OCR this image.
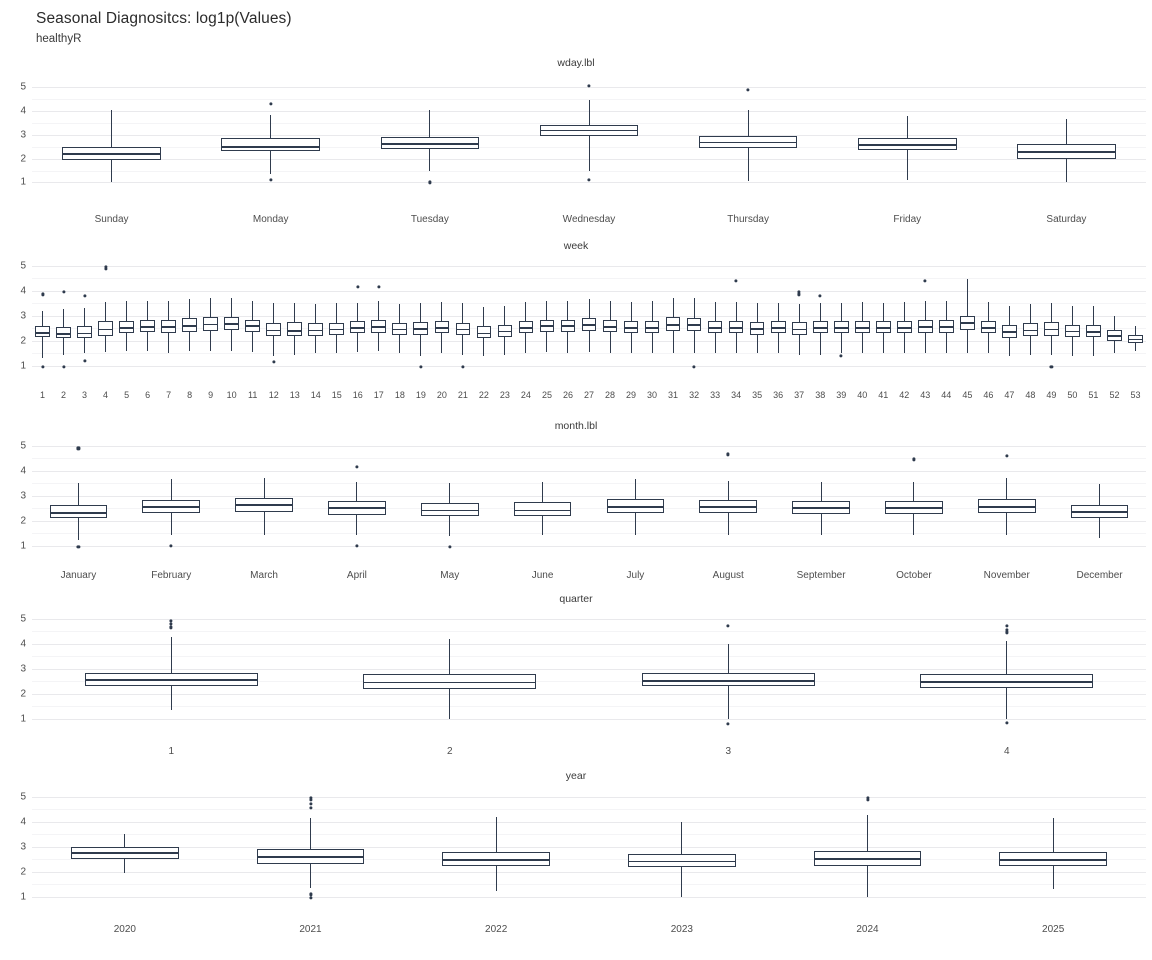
Seasonal Diagnositcs: log1p(Values)
healthyR
wday.lbl
1
2
3
4
5
Sunday	Monday	Tuesday	Wednesday	Thursday	Friday	Saturday
week
1
2
3
4
5
1 2 3 4 5 6 7 8 9 10 11 12 13 14 15 16 17 18 19 20 21 22 23 24 25 26 27 28 29 30 31 32 33 34 35 36 37 38 39 40 41 42 43 44 45 46 47 48 49 50 51 52 53
month.lbl
1
2
3
4
5
January	February	March	April	May	June	July	August	September	October	November	December
quarter
1
2
3
4
5
1	2	3	4
year
1
2
3
4
5
2020	2021	2022	2023	2024	2025
